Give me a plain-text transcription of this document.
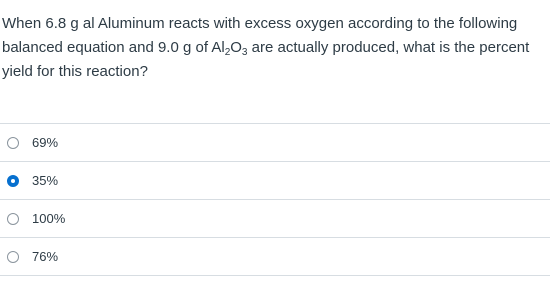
When 6.8 g al Aluminum reacts with excess oxygen according to the following balanced equation and 9.0 g of $Al_2O_3$ are actually produced, what is the percent yield for this reaction?
69%
35%
100%
76%
